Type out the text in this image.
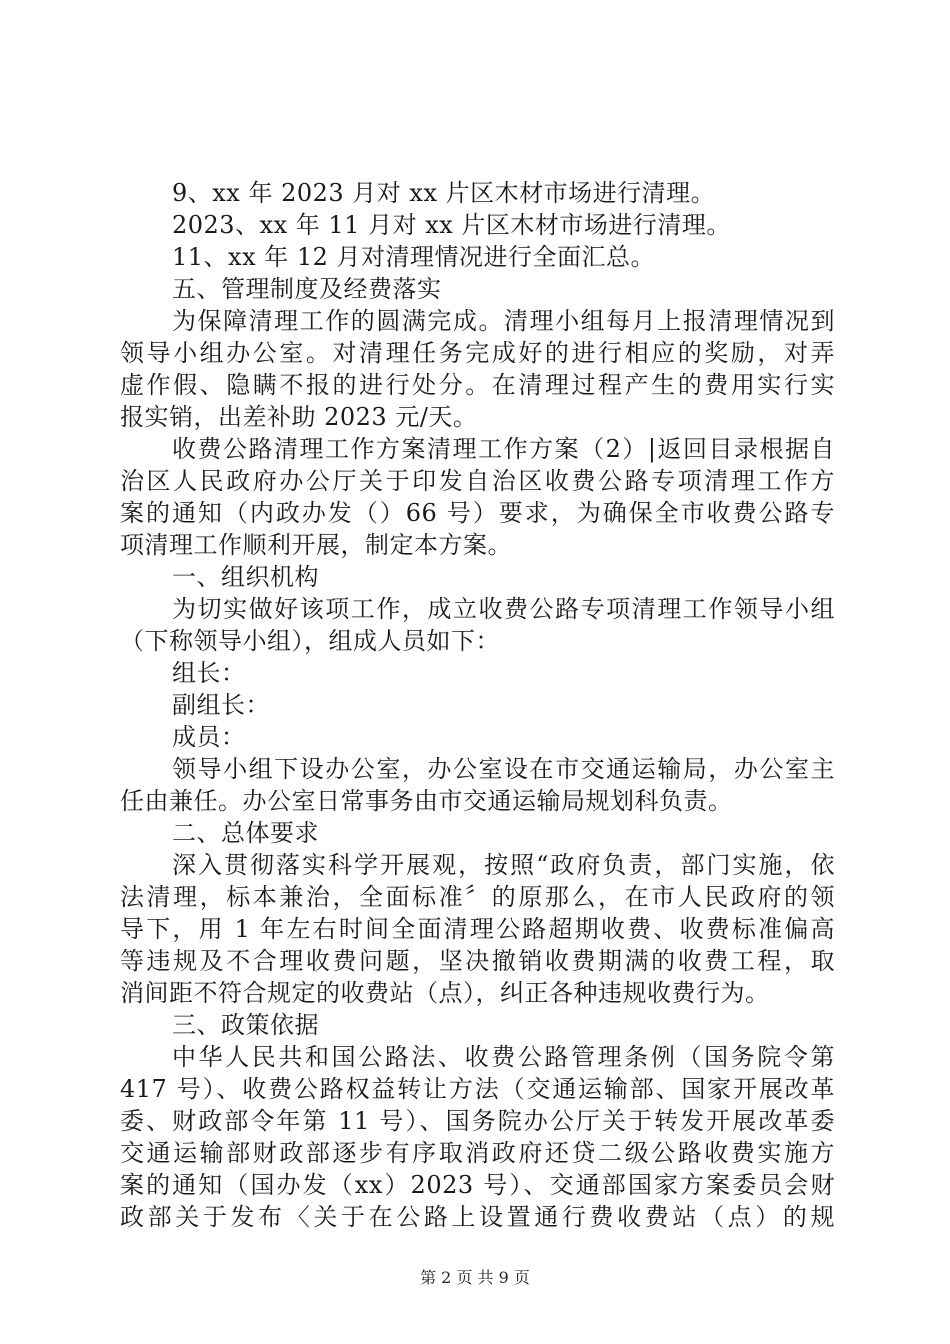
9、xx 年 2023 月对 xx 片区木材市场进行清理。
2023、xx 年 11 月对 xx 片区木材市场进行清理。
11、xx 年 12 月对清理情况进行全面汇总。
五、管理制度及经费落实
为保障清理工作的圆满完成。清理小组每月上报清理情况到
领导小组办公室。对清理任务完成好的进行相应的奖励，对弄
虚作假、隐瞒不报的进行处分。在清理过程产生的费用实行实
报实销，出差补助 2023 元/天。
收费公路清理工作方案清理工作方案（2）|返回目录根据自
治区人民政府办公厅关于印发自治区收费公路专项清理工作方
案的通知（内政办发（）66 号）要求，为确保全市收费公路专
项清理工作顺利开展，制定本方案。
一、组织机构
为切实做好该项工作，成立收费公路专项清理工作领导小组
（下称领导小组），组成人员如下：
组长：
副组长：
成员：
领导小组下设办公室，办公室设在市交通运输局，办公室主
任由兼任。办公室日常事务由市交通运输局规划科负责。
二、总体要求
深入贯彻落实科学开展观，按照“政府负责，部门实施，依
法清理，标本兼治，全面标准〞的原那么，在市人民政府的领
导下，用 1 年左右时间全面清理公路超期收费、收费标准偏高
等违规及不合理收费问题，坚决撤销收费期满的收费工程，取
消间距不符合规定的收费站（点），纠正各种违规收费行为。
三、政策依据
中华人民共和国公路法、收费公路管理条例（国务院令第
417 号）、收费公路权益转让方法（交通运输部、国家开展改革
委、财政部令年第 11 号）、国务院办公厅关于转发开展改革委
交通运输部财政部逐步有序取消政府还贷二级公路收费实施方
案的通知（国办发（xx）2023 号）、交通部国家方案委员会财
政部关于发布〈关于在公路上设置通行费收费站（点）的规
第 2 页 共 9 页
